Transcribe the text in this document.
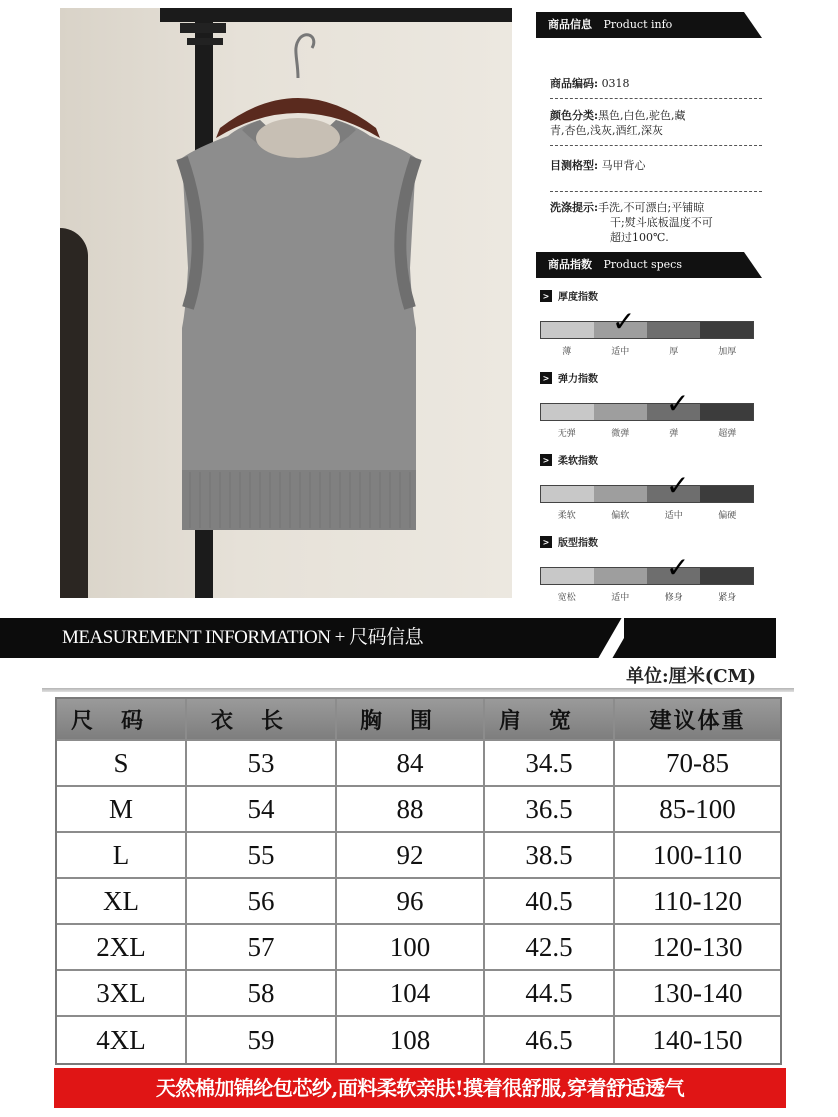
商品信息 Product info
商品编码: 0318
颜色分类:黑色,白色,驼色,藏
青,杏色,浅灰,酒红,深灰
目测格型: 马甲背心
洗涤提示:手洗,不可漂白;平铺晾
干;熨斗底板温度不可
超过100℃.
商品指数 Product specs
> 厚度指数
薄	适中	厚	加厚
✓
> 弹力指数
无弹	微弹	弹	超弹
✓
> 柔软指数
柔软	偏软	适中	偏硬
✓
> 版型指数
宽松	适中	修身	紧身
✓
MEASUREMENT INFORMATION + 尺码信息
单位:厘米(CM)
尺码	衣长	胸围	肩宽	建议体重
S	53	84	34.5	70-85
M	54	88	36.5	85-100
L	55	92	38.5	100-110
XL	56	96	40.5	110-120
2XL	57	100	42.5	120-130
3XL	58	104	44.5	130-140
4XL	59	108	46.5	140-150
天然棉加锦纶包芯纱,面料柔软亲肤!摸着很舒服,穿着舒适透气
